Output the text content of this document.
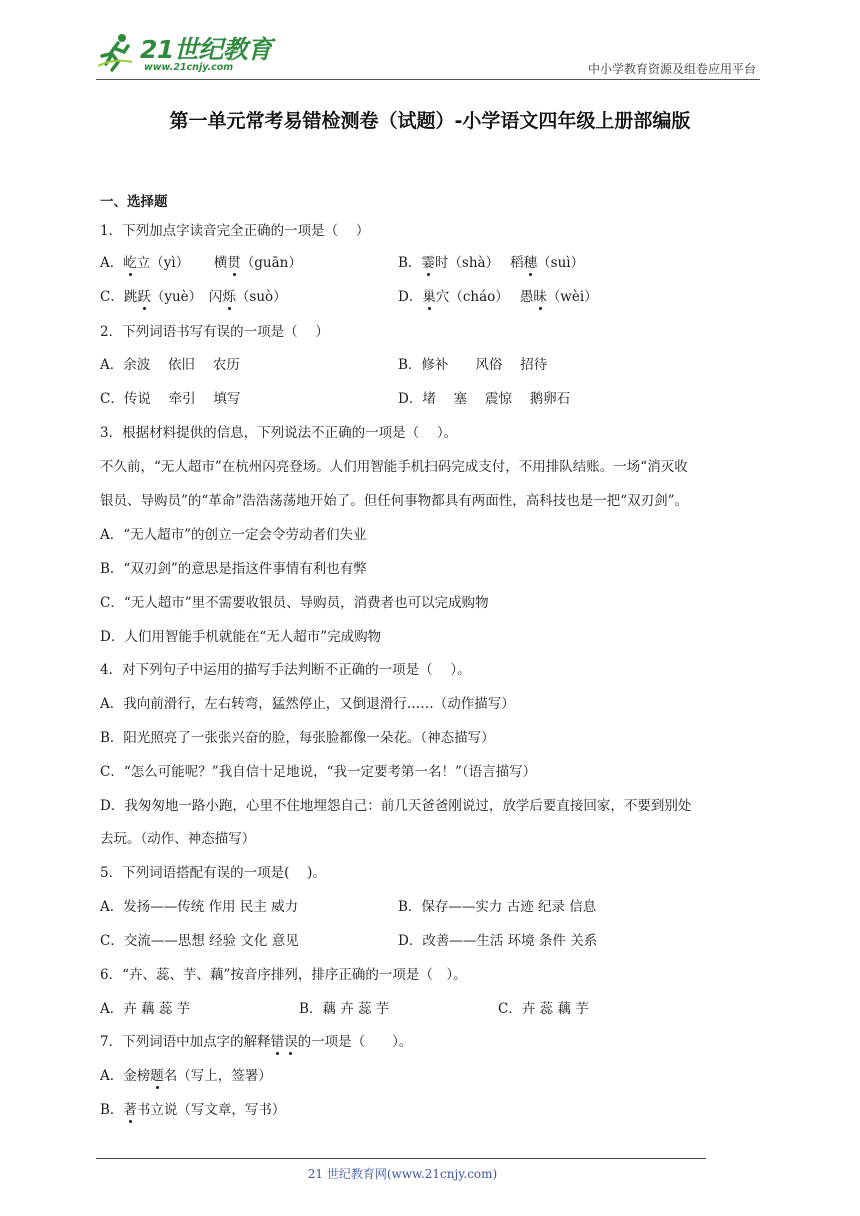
21世纪教育
www.21cnjy.com	中小学教育资源及组卷应用平台
第一单元常考易错检测卷（试题）-小学语文四年级上册部编版
一、选择题
1．下列加点字读音完全正确的一项是（　 ）
A．屹立（yì）　　 横贯（guān）	B．霎时（shà）　 稻穗（suì）
C．跳跃（yuè）　 闪烁（suò）	D．巢穴（cháo）　 愚昧（wèi）
2．下列词语书写有误的一项是（　 ）
A．余波　 依旧　 农历	B．修补　　风俗　 招待
C．传说　 牵引　 填写	D．堵　 塞　 震惊　 鹅卵石
3．根据材料提供的信息，下列说法不正确的一项是（　 ）。
不久前，“无人超市”在杭州闪亮登场。人们用智能手机扫码完成支付，不用排队结账。一场“消灭收
银员、导购员”的“革命”浩浩荡荡地开始了。但任何事物都具有两面性，高科技也是一把“双刃剑”。
A．“无人超市”的创立一定会令劳动者们失业
B．“双刃剑”的意思是指这件事情有利也有弊
C．“无人超市”里不需要收银员、导购员，消费者也可以完成购物
D．人们用智能手机就能在“无人超市”完成购物
4．对下列句子中运用的描写手法判断不正确的一项是（　 ）。
A．我向前滑行，左右转弯，猛然停止，又倒退滑行……（动作描写）
B．阳光照亮了一张张兴奋的脸，每张脸都像一朵花。（神态描写）
C．“怎么可能呢？”我自信十足地说，“我一定要考第一名！”（语言描写）
D．我匆匆地一路小跑，心里不住地埋怨自己：前几天爸爸刚说过，放学后要直接回家，不要到别处
去玩。（动作、神态描写）
5．下列词语搭配有误的一项是(　 )。
A．发扬——传统 作用 民主 威力	B．保存——实力 古迹 纪录 信息
C．交流——思想 经验 文化 意见	D．改善——生活 环境 条件 关系
6．“卉、蕊、芋、藕”按音序排列，排序正确的一项是（　）。
A．卉 藕 蕊 芋	B．藕 卉 蕊 芋	C．卉 蕊 藕 芋
7．下列词语中加点字的解释错误的一项是（　　）。
A．金榜题名（写上，签署）
B．著书立说（写文章，写书）
21 世纪教育网(www.21cnjy.com)
